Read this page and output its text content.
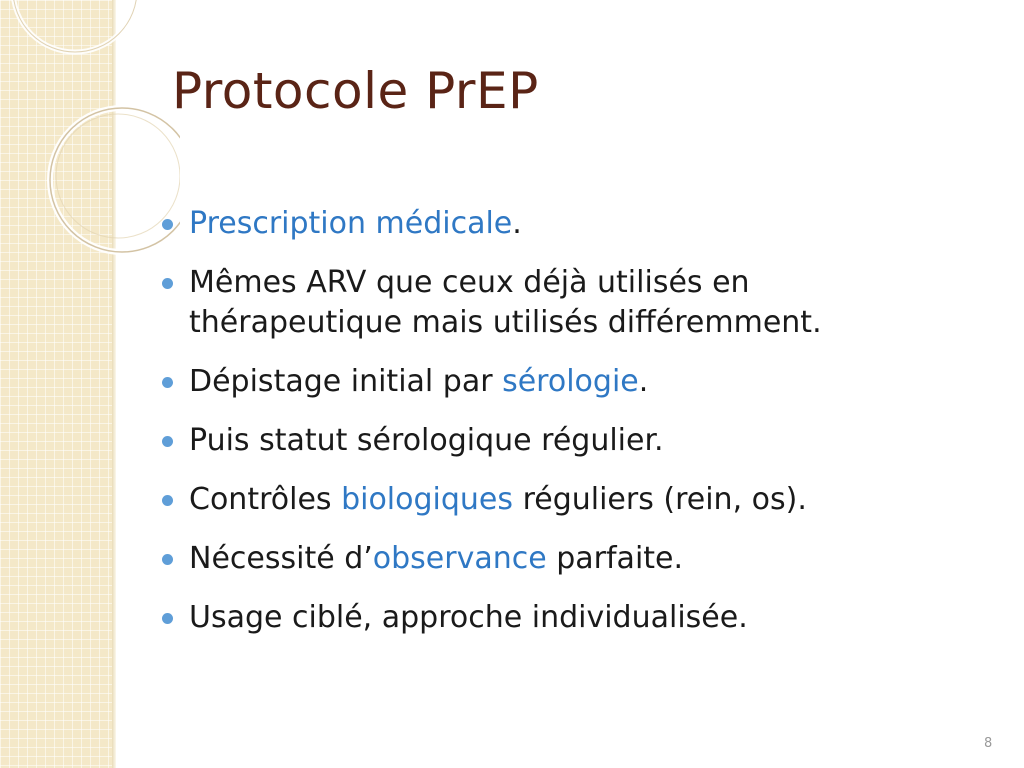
Protocole PrEP
Prescription médicale.
Mêmes ARV que ceux déjà utilisés en thérapeutique mais utilisés différemment.
Dépistage initial par sérologie.
Puis statut sérologique régulier.
Contrôles biologiques réguliers (rein, os).
Nécessité d’observance parfaite.
Usage ciblé, approche individualisée.
8
